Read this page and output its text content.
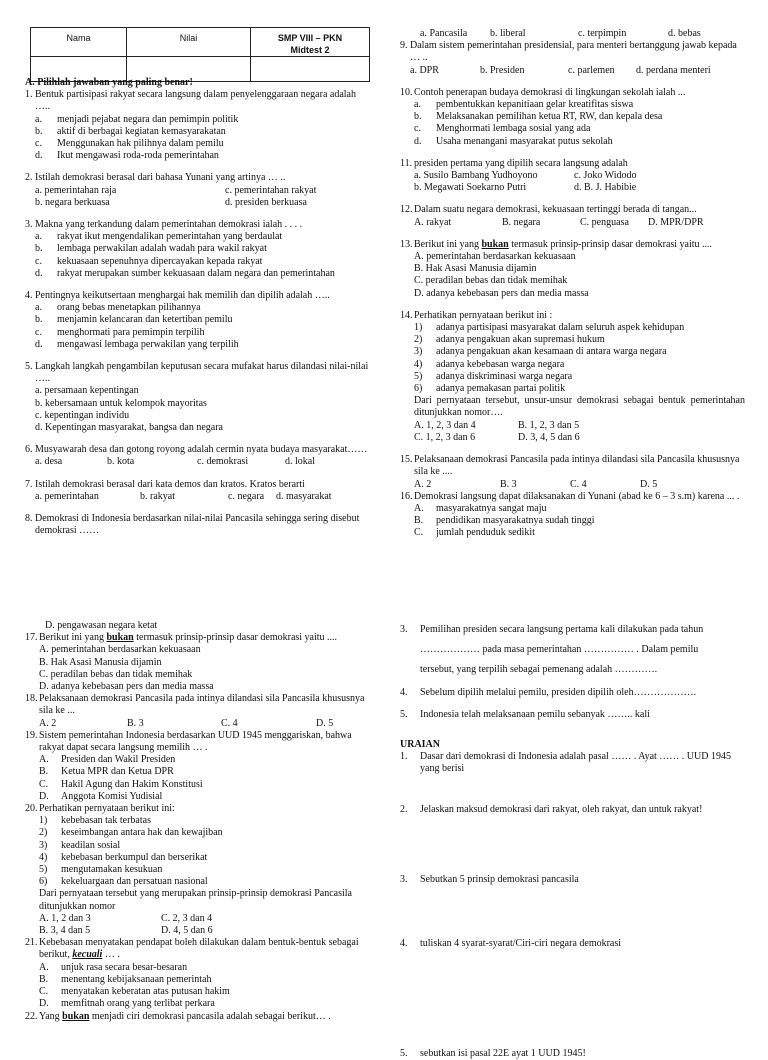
Nama	Nilai	SMP VIII – PKN
Midtest 2

A. Pilihlah jawaban yang paling benar!

1. Bentuk partisipasi rakyat secara langsung dalam penyelenggaraan negara adalah …..
a. menjadi pejabat negara dan pemimpin politik
b. aktif di berbagai kegiatan kemasyarakatan
c. Menggunakan hak pilihnya dalam pemilu
d. Ikut mengawasi roda-roda pemerintahan
2. Istilah demokrasi berasal dari bahasa Yunani yang artinya … ..
a. pemerintahan raja	c. pemerintahan rakyat
b. negara berkuasa	d. presiden berkuasa
3. Makna yang terkandung dalam pemerintahan demokrasi ialah . . . .
a. rakyat ikut mengendalikan pemerintahan yang berdaulat
b. lembaga perwakilan adalah wadah para wakil rakyat
c. kekuasaan sepenuhnya dipercayakan kepada rakyat
d. rakyat merupakan sumber kekuasaan dalam negara dan pemerintahan
4. Pentingnya keikutsertaan menghargai hak memilih dan dipilih adalah …..
a. orang bebas menetapkan pilihannya
b. menjamin kelancaran dan ketertiban pemilu
c. menghormati para pemimpin terpilih
d. mengawasi lembaga perwakilan yang terpilih
5. Langkah langkah pengambilan keputusan secara mufakat harus dilandasi nilai-nilai …..
a. persamaan kepentingan
b. kebersamaan untuk kelompok mayoritas
c. kepentingan individu
d. Kepentingan masyarakat, bangsa dan negara
6. Musyawarah desa dan gotong royong adalah cermin nyata budaya masyarakat……
a. desa	b. kota	c. demokrasi	d. lokal
7. Istilah demokrasi berasal dari kata demos dan kratos. Kratos berarti
a. pemerintahan	b. rakyat	c. negara	d. masyarakat
8. Demokrasi di Indonesia berdasarkan nilai-nilai Pancasila sehingga sering disebut demokrasi ……
a. Pancasila	b. liberal	c. terpimpin	d. bebas
9. Dalam sistem pemerintahan presidensial, para menteri bertanggung jawab kepada … ..
a. DPR	b. Presiden	c. parlemen	d. perdana menteri
10. Contoh penerapan budaya demokrasi di lingkungan sekolah ialah ...
a. pembentukkan kepanitiaan gelar kreatifitas siswa
b. Melaksanakan pemilihan ketua RT, RW, dan kepala desa
c. Menghormati lembaga sosial yang ada
d. Usaha menangani masyarakat putus sekolah
11. presiden pertama yang dipilih secara langsung adalah
a. Susilo Bambang Yudhoyono	c. Joko Widodo
b. Megawati Soekarno Putri	d. B. J. Habibie
12. Dalam suatu negara demokrasi, kekuasaan tertinggi berada di tangan...
A. rakyat	B. negara	C. penguasa	D. MPR/DPR
13. Berikut ini yang bukan termasuk prinsip-prinsip dasar demokrasi yaitu ....
A. pemerintahan berdasarkan kekuasaan
B. Hak Asasi Manusia dijamin
C. peradilan bebas dan tidak memihak
D. adanya kebebasan pers dan media massa
14. Perhatikan pernyataan berikut ini :
1) adanya partisipasi masyarakat dalam seluruh aspek kehidupan
2) adanya pengakuan akan supremasi hukum
3) adanya pengakuan akan kesamaan di antara warga negara
4) adanya kebebasan warga negara
5) adanya diskriminasi warga negara
6) adanya pemakasan partai politik
Dari pernyataan tersebut, unsur-unsur demokrasi sebagai bentuk pemerintahan ditunjukkan nomor….
A. 1, 2, 3 dan 4	B. 1, 2, 3 dan 5
C. 1, 2, 3 dan 6	D. 3, 4, 5 dan 6
15. Pelaksanaan demokrasi Pancasila pada intinya dilandasi sila Pancasila khususnya sila ke ....
A. 2	B. 3	C. 4	D. 5
16. Demokrasi langsung dapat dilaksanakan di Yunani (abad ke 6 – 3 s.m) karena ... .
A. masyarakatnya sangat maju
B. pendidikan masyarakatnya sudah tinggi
C. jumlah penduduk sedikit
D. pengawasan negara ketat
17. Berikut ini yang bukan termasuk prinsip-prinsip dasar demokrasi yaitu ....
A. pemerintahan berdasarkan kekuasaan
B. Hak Asasi Manusia dijamin
C. peradilan bebas dan tidak memihak
D. adanya kebebasan pers dan media massa
18. Pelaksanaan demokrasi Pancasila pada intinya dilandasi sila Pancasila khususnya sila ke ...
A. 2	B. 3	C. 4	D. 5
19. Sistem pemerintahan Indonesia berdasarkan UUD 1945 menggariskan, bahwa rakyat dapat secara langsung memilih … .
A. Presiden dan Wakil Presiden
B. Ketua MPR dan Ketua DPR
C. Hakil Agung dan Hakim Konstitusi
D. Anggota Komisi Yudisial
20. Perhatikan pernyataan berikut ini:
1) kebebasan tak terbatas
2) keseimbangan antara hak dan kewajiban
3) keadilan sosial
4) kebebasan berkumpul dan berserikat
5) mengutamakan kesukuan
6) kekeluargaan dan persatuan nasional
Dari pernyataan tersebut yang merupakan prinsip-prinsip demokrasi Pancasila ditunjukkan nomor
A. 1, 2 dan 3	C. 2, 3 dan 4
B. 3, 4 dan 5	D. 4, 5 dan 6
21. Kebebasan menyatakan pendapat boleh dilakukan dalam bentuk-bentuk sebagai berikut, kecuali … .
A. unjuk rasa secara besar-besaran
B. menentang kebijaksanaan pemerintah
C. menyatakan keberatan atas putusan hakim
D. memfitnah orang yang terlibat perkara
22. Yang bukan menjadi ciri demokrasi pancasila adalah sebagai berikut… .
3. Pemilihan presiden secara langsung pertama kali dilakukan pada tahun
……………… pada masa pemerintahan …………… . Dalam pemilu
tersebut, yang terpilih sebagai pemenang adalah ………….
4. Sebelum dipilih melalui pemilu, presiden dipilih oleh……………….
5. Indonesia telah melaksanaan pemilu sebanyak …….. kali
URAIAN
1. Dasar dari demokrasi di Indonesia adalah pasal …… . Ayat …… . UUD 1945 yang berisi
2. Jelaskan maksud demokrasi dari rakyat, oleh rakyat, dan untuk rakyat!
3. Sebutkan 5 prinsip demokrasi pancasila
4. tuliskan 4 syarat-syarat/Ciri-ciri negara demokrasi
5. sebutkan isi pasal 22E ayat 1 UUD 1945!
